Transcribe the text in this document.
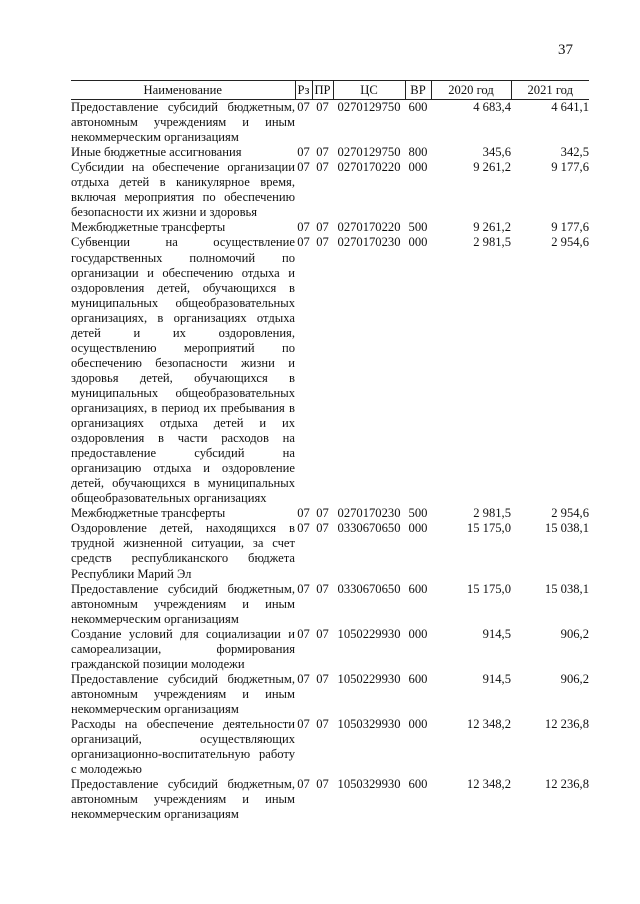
37
Наименование	Рз	ПР	ЦС	ВР	2020 год	2021 год
Предоставление субсидий бюджетным, автономным учреждениям и иным некоммерческим организациям	07	07	0270129750	600	4 683,4	4 641,1
Иные бюджетные ассигнования	07	07	0270129750	800	345,6	342,5
Субсидии на обеспечение организации отдыха детей в каникулярное время, включая мероприятия по обеспечению безопасности их жизни и здоровья	07	07	0270170220	000	9 261,2	9 177,6
Межбюджетные трансферты	07	07	0270170220	500	9 261,2	9 177,6
Субвенции на осуществление государственных полномочий по организации и обеспечению отдыха и оздоровления детей, обучающихся в муниципальных общеобразовательных организациях, в организациях отдыха детей и их оздоровления, осуществлению мероприятий по обеспечению безопасности жизни и здоровья детей, обучающихся в муниципальных общеобразовательных организациях, в период их пребывания в организациях отдыха детей и их оздоровления в части расходов на предоставление субсидий на организацию отдыха и оздоровление детей, обучающихся в муниципальных общеобразовательных организациях	07	07	0270170230	000	2 981,5	2 954,6
Межбюджетные трансферты	07	07	0270170230	500	2 981,5	2 954,6
Оздоровление детей, находящихся в трудной жизненной ситуации, за счет средств республиканского бюджета Республики Марий Эл	07	07	0330670650	000	15 175,0	15 038,1
Предоставление субсидий бюджетным, автономным учреждениям и иным некоммерческим организациям	07	07	0330670650	600	15 175,0	15 038,1
Создание условий для социализации и самореализации, формирования гражданской позиции молодежи	07	07	1050229930	000	914,5	906,2
Предоставление субсидий бюджетным, автономным учреждениям и иным некоммерческим организациям	07	07	1050229930	600	914,5	906,2
Расходы на обеспечение деятельности организаций, осуществляющих организационно-воспитательную работу с молодежью	07	07	1050329930	000	12 348,2	12 236,8
Предоставление субсидий бюджетным, автономным учреждениям и иным некоммерческим организациям	07	07	1050329930	600	12 348,2	12 236,8
